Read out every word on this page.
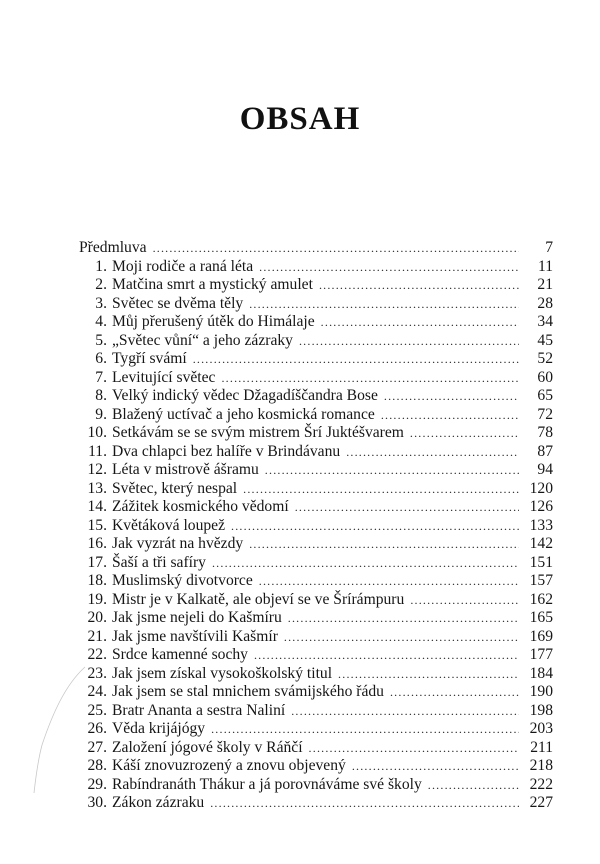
OBSAH
Předmluva .....	7
1. Moji rodiče a raná léta .....	11
2. Matčina smrt a mystický amulet .....	21
3. Světec se dvěma těly .....	28
4. Můj přerušený útěk do Himálaje .....	34
5. „Světec vůní“ a jeho zázraky .....	45
6. Tygří svámí .....	52
7. Levitující světec .....	60
8. Velký indický vědec Džagadíščandra Bose .....	65
9. Blažený uctívač a jeho kosmická romance .....	72
10. Setkávám se se svým mistrem Šrí Juktéšvarem .....	78
11. Dva chlapci bez halíře v Brindávanu .....	87
12. Léta v mistrově ášramu .....	94
13. Světec, který nespal .....	120
14. Zážitek kosmického vědomí .....	126
15. Květáková loupež .....	133
16. Jak vyzrát na hvězdy .....	142
17. Šaší a tři safíry .....	151
18. Muslimský divotvorce .....	157
19. Mistr je v Kalkatě, ale objeví se ve Šrírámpuru .....	162
20. Jak jsme nejeli do Kašmíru .....	165
21. Jak jsme navštívili Kašmír .....	169
22. Srdce kamenné sochy .....	177
23. Jak jsem získal vysokoškolský titul .....	184
24. Jak jsem se stal mnichem svámijského řádu .....	190
25. Bratr Ananta a sestra Naliní .....	198
26. Věda krijájógy .....	203
27. Založení jógové školy v Ráňčí .....	211
28. Káší znovuzrozený a znovu objevený .....	218
29. Rabíndranáth Thákur a já porovnáváme své školy .....	222
30. Zákon zázraku .....	227
